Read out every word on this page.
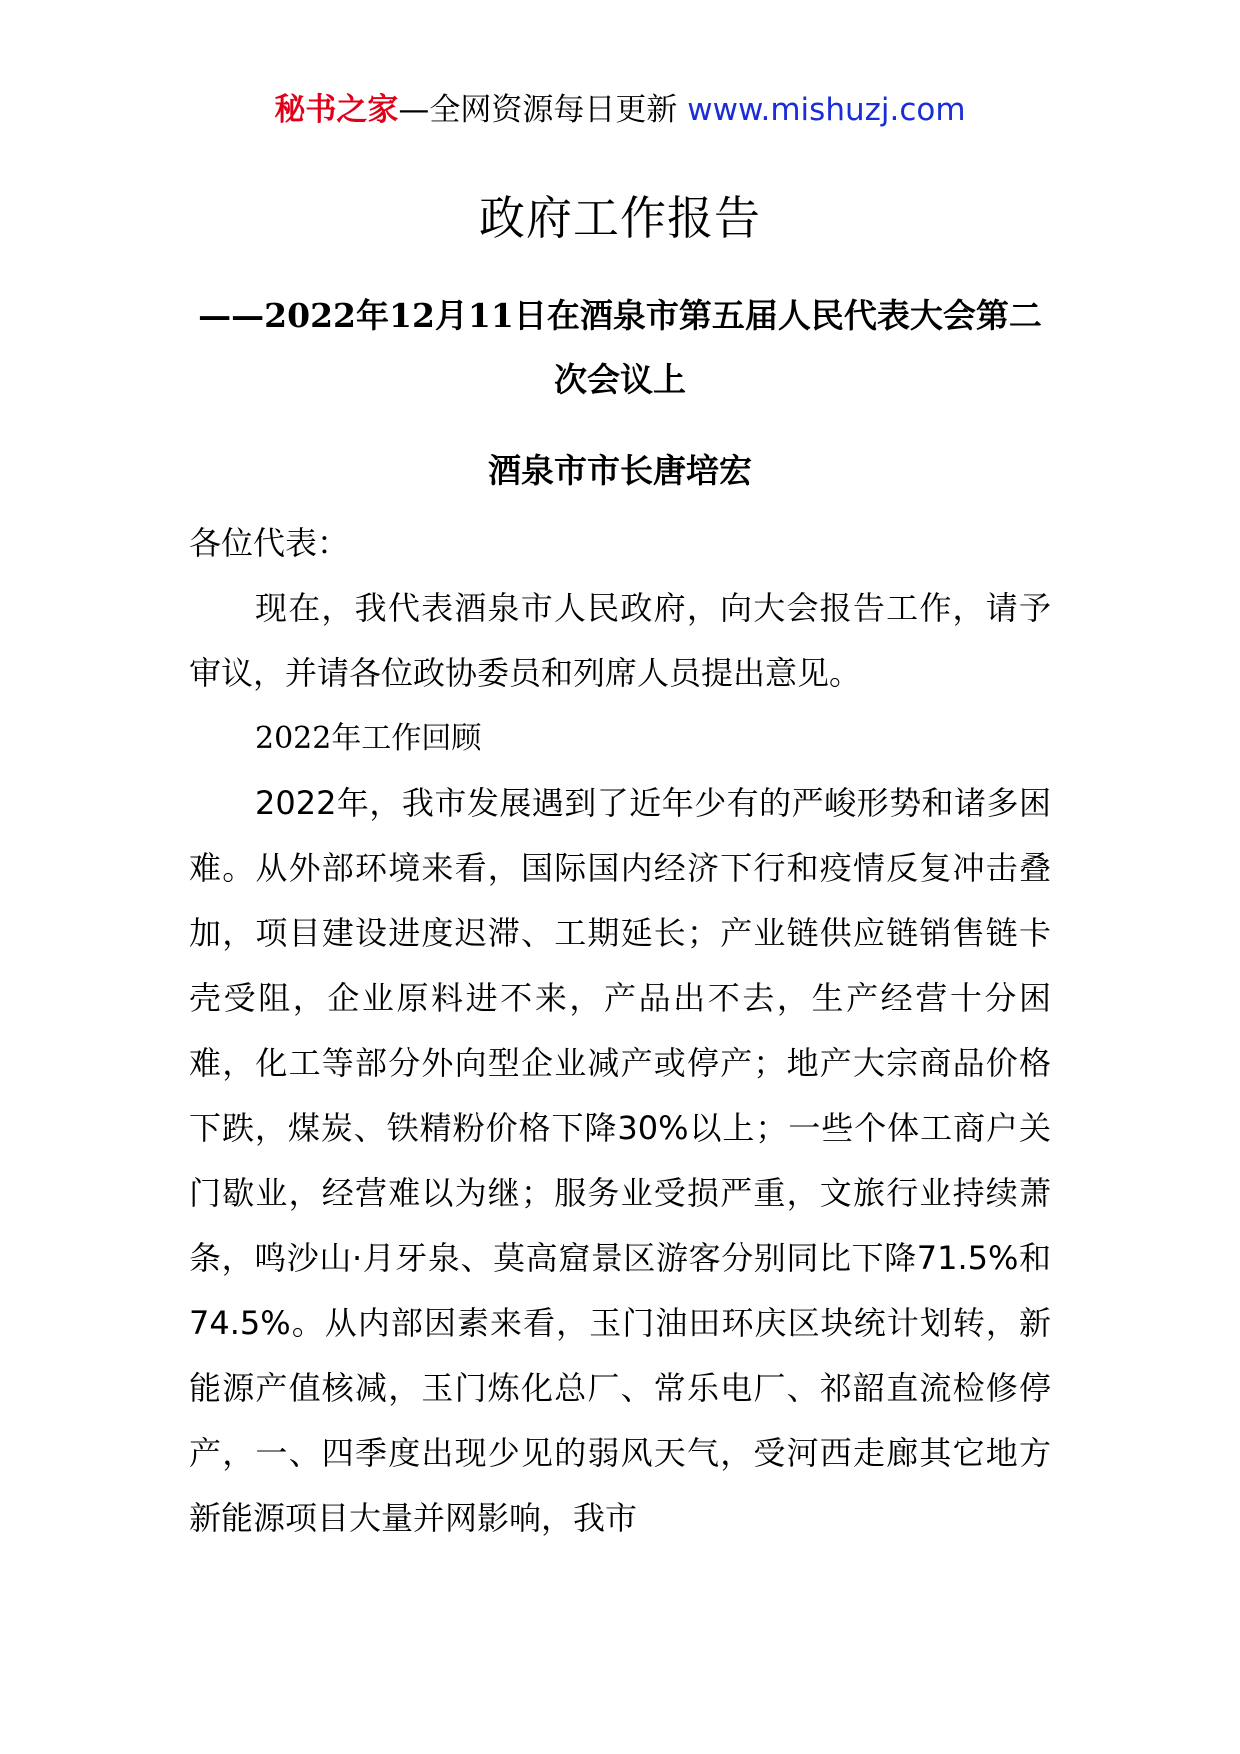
秘书之家—全网资源每日更新 www.mishuzj.com
政府工作报告

——2022年12月11日在酒泉市第五届人民代表大会第二次会议上

酒泉市市长唐培宏

各位代表：

现在，我代表酒泉市人民政府，向大会报告工作，请予审议，并请各位政协委员和列席人员提出意见。

2022年工作回顾

2022年，我市发展遇到了近年少有的严峻形势和诸多困难。从外部环境来看，国际国内经济下行和疫情反复冲击叠加，项目建设进度迟滞、工期延长；产业链供应链销售链卡壳受阻，企业原料进不来，产品出不去，生产经营十分困难，化工等部分外向型企业减产或停产；地产大宗商品价格下跌，煤炭、铁精粉价格下降30%以上；一些个体工商户关门歇业，经营难以为继；服务业受损严重，文旅行业持续萧条，鸣沙山·月牙泉、莫高窟景区游客分别同比下降71.5%和74.5%。从内部因素来看，玉门油田环庆区块统计划转，新能源产值核减，玉门炼化总厂、常乐电厂、祁韶直流检修停产，一、四季度出现少见的弱风天气，受河西走廊其它地方新能源项目大量并网影响，我市
